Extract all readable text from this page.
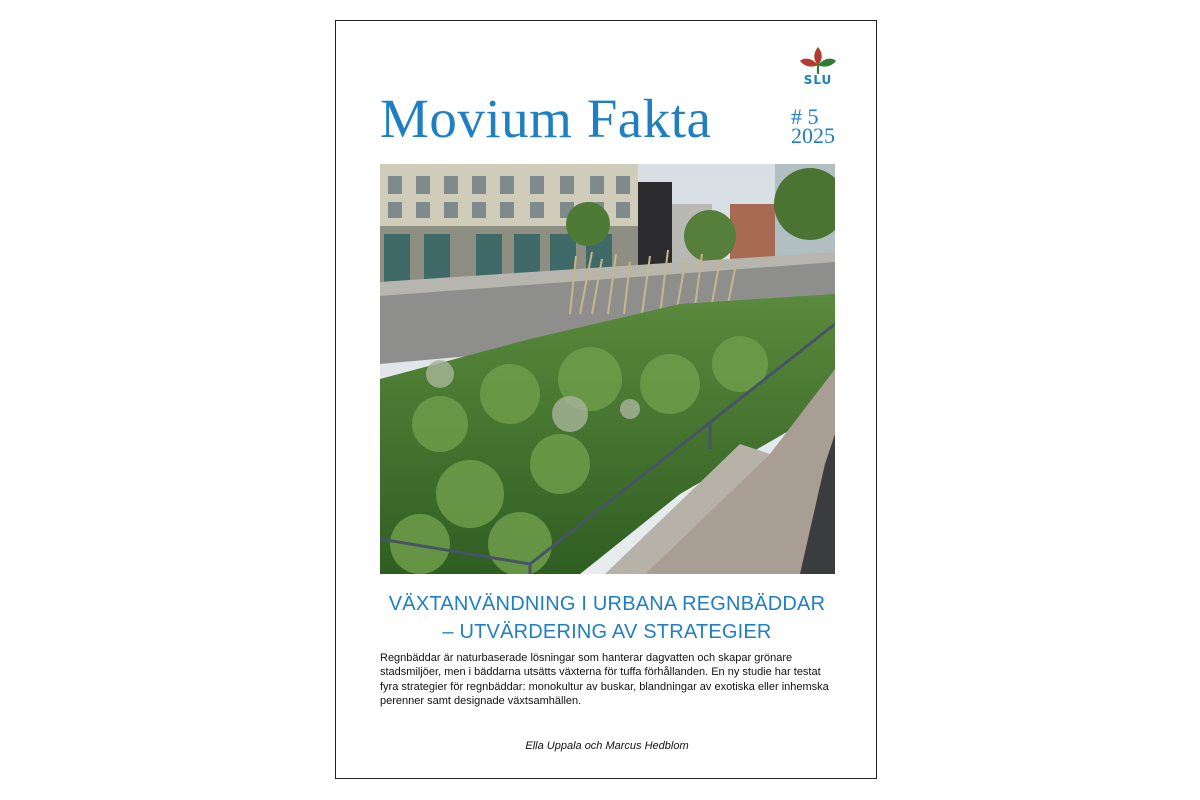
SLU
Movium Fakta	# 5
2025
VÄXTANVÄNDNING I URBANA REGNBÄDDAR
– UTVÄRDERING AV STRATEGIER
Regnbäddar är naturbaserade lösningar som hanterar dagvatten och skapar grönare stadsmiljöer, men i bäddarna utsätts växterna för tuffa förhållanden. En ny studie har testat fyra strategier för regnbäddar: monokultur av buskar, blandningar av exotiska eller inhemska perenner samt designade växtsamhällen.
Ella Uppala och Marcus Hedblom
